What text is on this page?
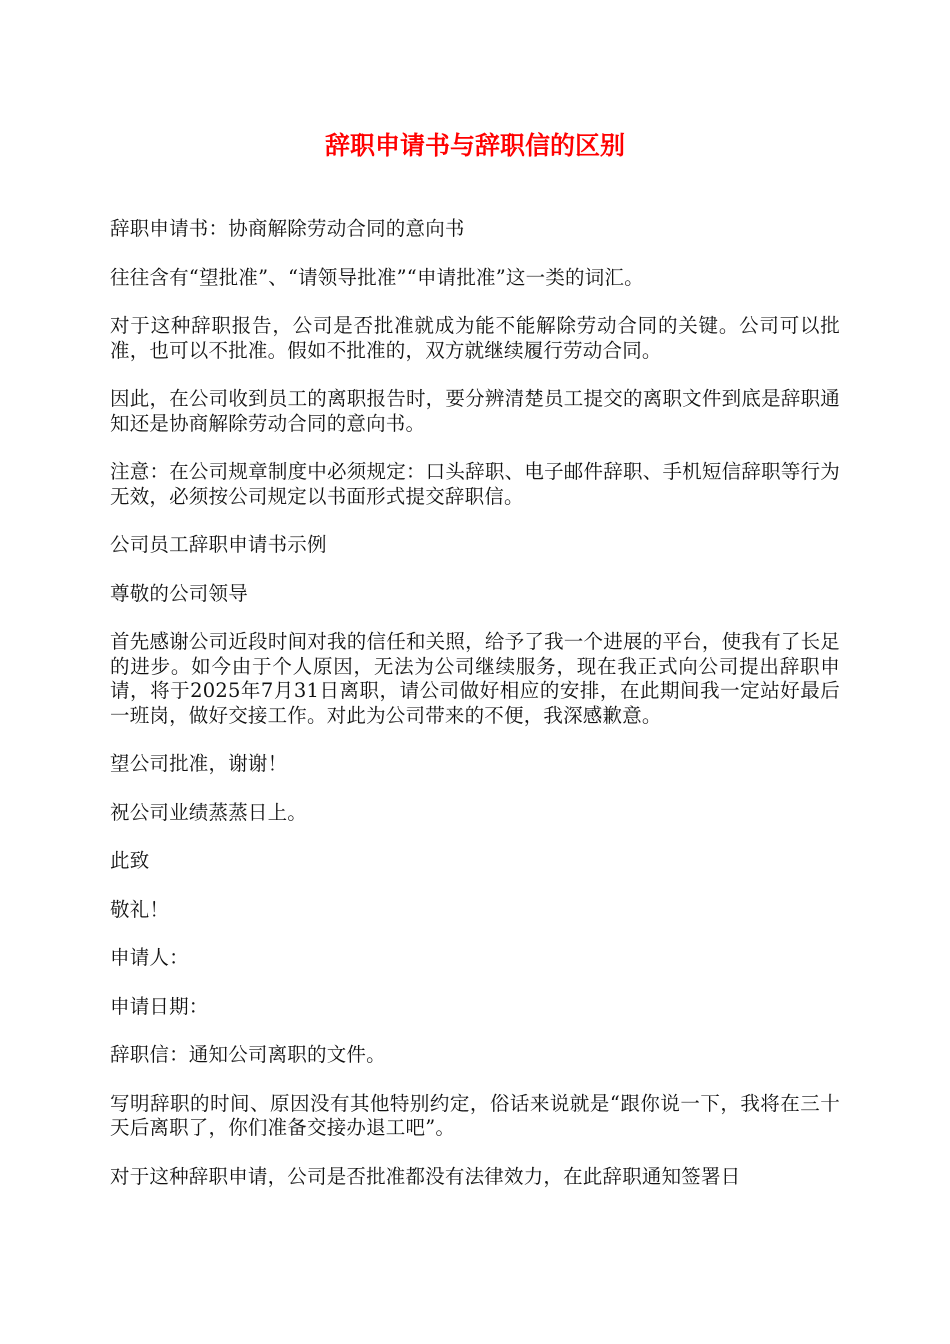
辞职申请书与辞职信的区别

辞职申请书：协商解除劳动合同的意向书

往往含有“望批准”、“请领导批准”“申请批准”这一类的词汇。

对于这种辞职报告，公司是否批准就成为能不能解除劳动合同的关键。公司可以批准，也可以不批准。假如不批准的，双方就继续履行劳动合同。

因此，在公司收到员工的离职报告时，要分辨清楚员工提交的离职文件到底是辞职通知还是协商解除劳动合同的意向书。

注意：在公司规章制度中必须规定：口头辞职、电子邮件辞职、手机短信辞职等行为无效，必须按公司规定以书面形式提交辞职信。

公司员工辞职申请书示例

尊敬的公司领导

首先感谢公司近段时间对我的信任和关照，给予了我一个进展的平台，使我有了长足的进步。如今由于个人原因，无法为公司继续服务，现在我正式向公司提出辞职申请，将于2025年7月31日离职，请公司做好相应的安排，在此期间我一定站好最后一班岗，做好交接工作。对此为公司带来的不便，我深感歉意。

望公司批准，谢谢！

祝公司业绩蒸蒸日上。

此致

敬礼！

申请人：

申请日期：

辞职信：通知公司离职的文件。

写明辞职的时间、原因没有其他特别约定，俗话来说就是“跟你说一下，我将在三十天后离职了，你们准备交接办退工吧”。

对于这种辞职申请，公司是否批准都没有法律效力，在此辞职通知签署日
